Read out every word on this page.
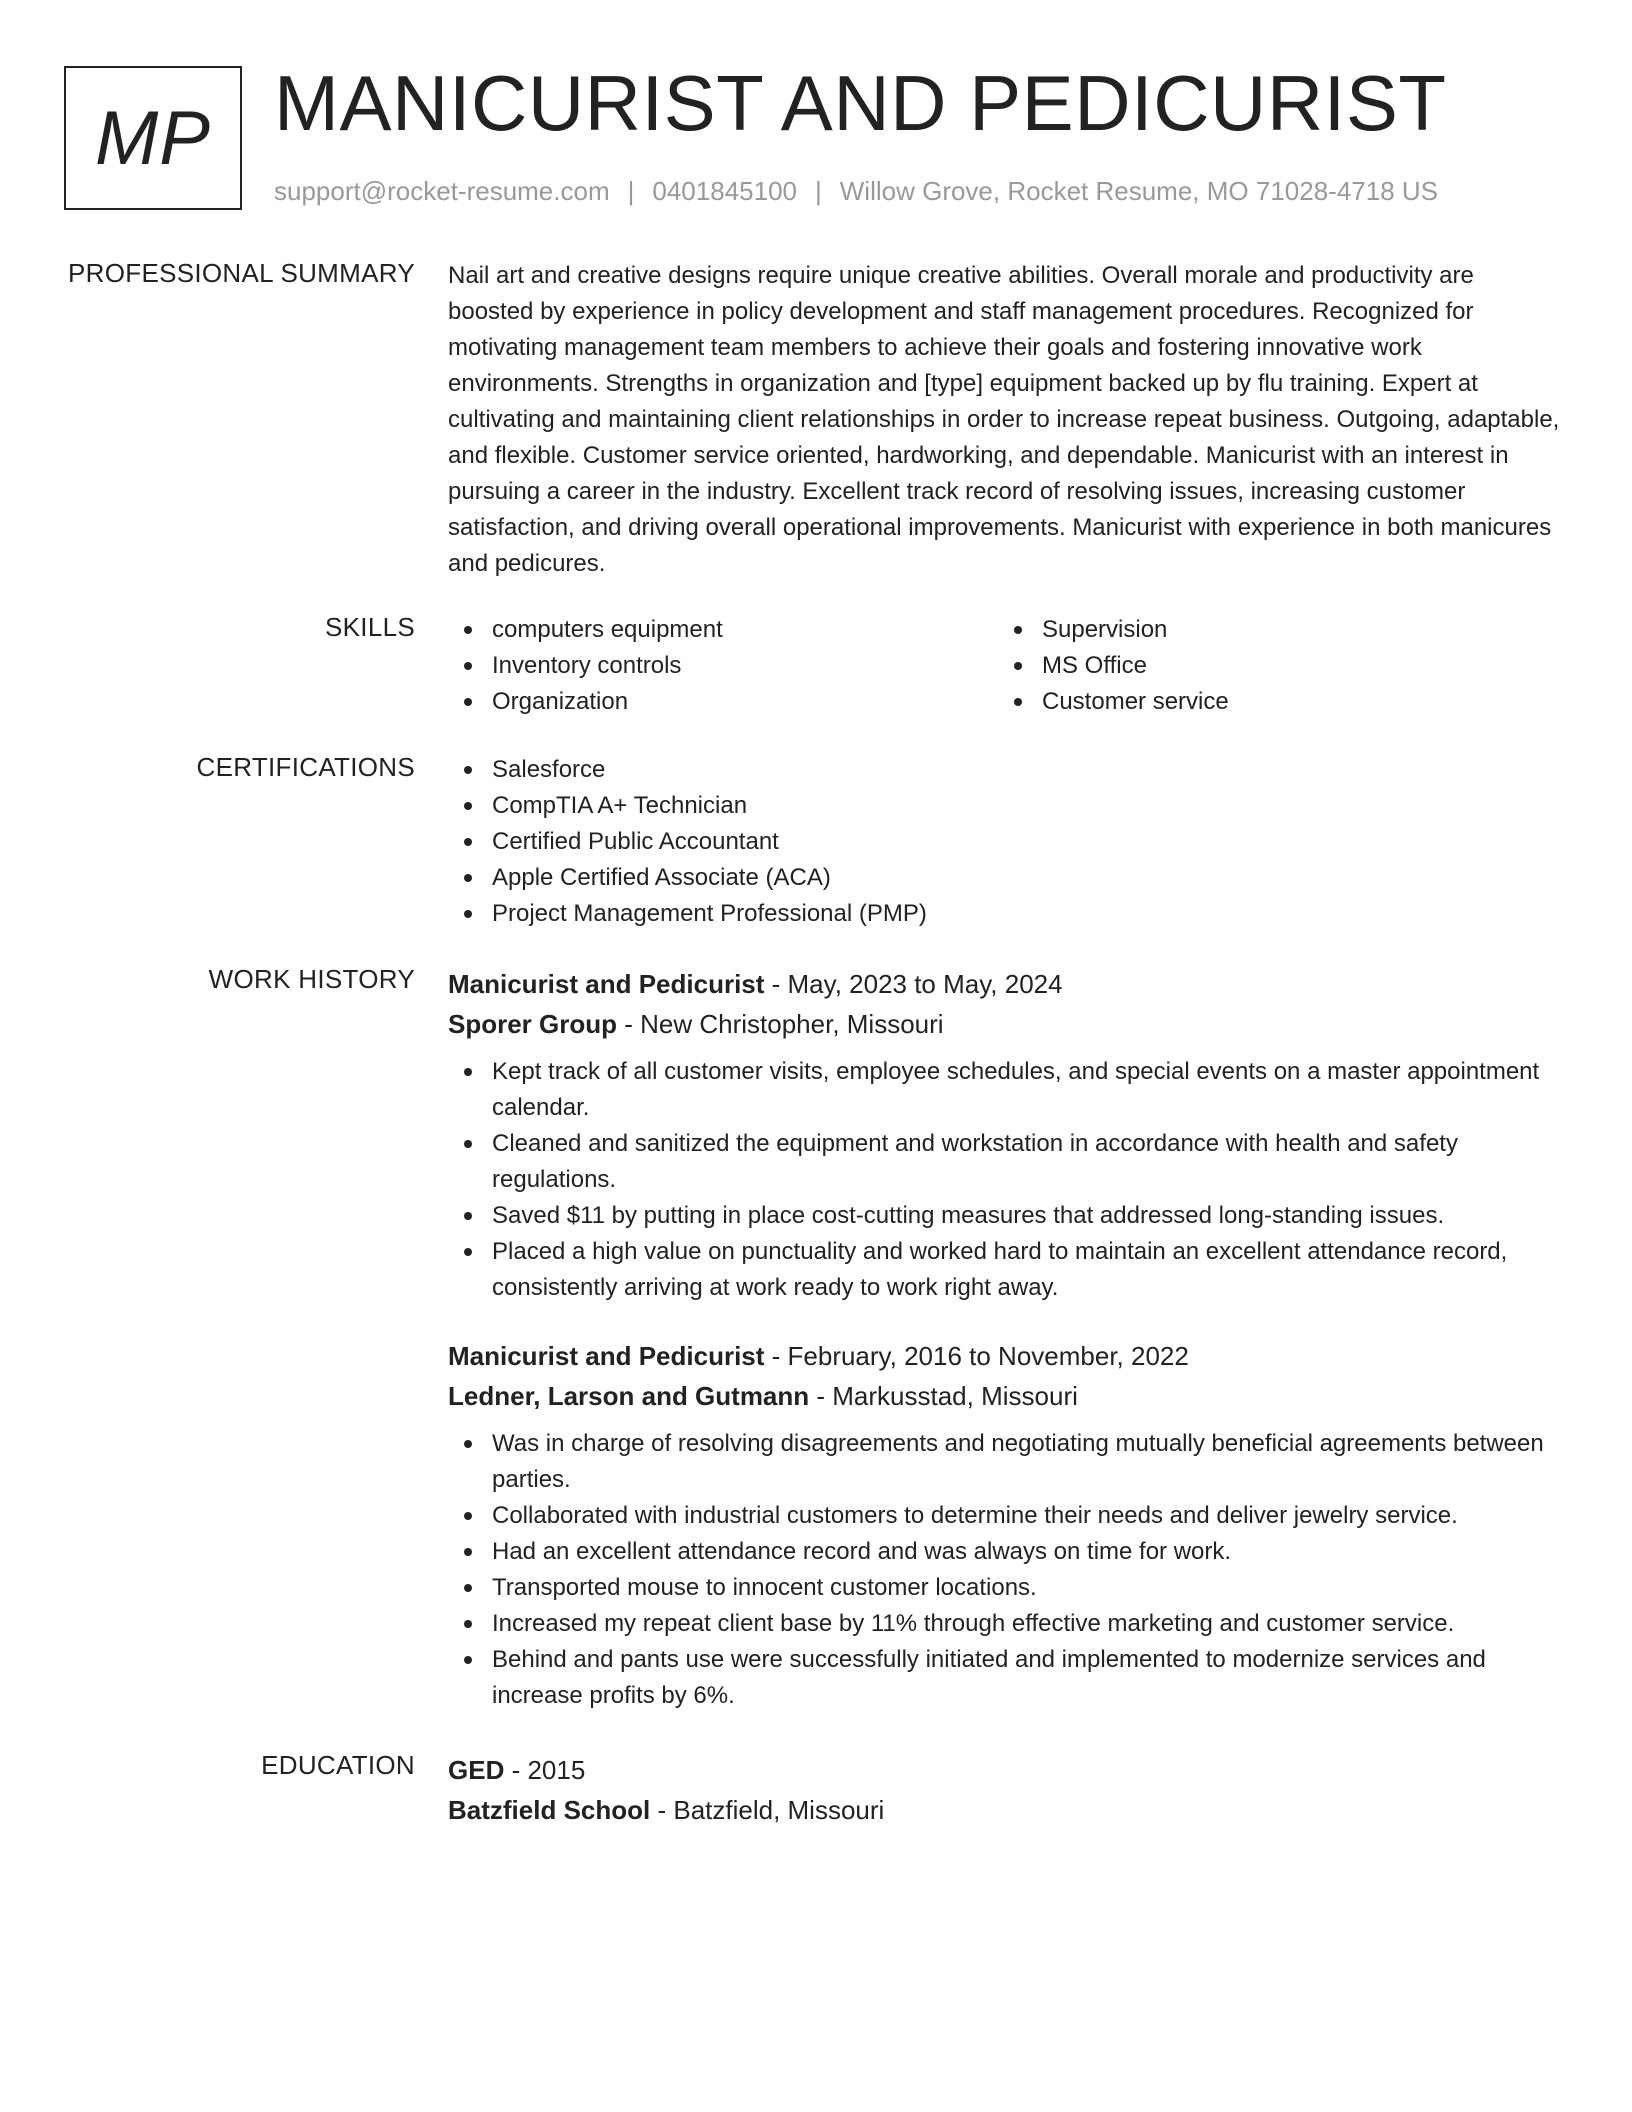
MP MANICURIST AND PEDICURIST
support@rocket-resume.com | 0401845100 | Willow Grove, Rocket Resume, MO 71028-4718 US
PROFESSIONAL SUMMARY Nail art and creative designs require unique creative abilities. Overall morale and productivity are boosted by experience in policy development and staff management procedures. Recognized for motivating management team members to achieve their goals and fostering innovative work environments. Strengths in organization and [type] equipment backed up by flu training. Expert at cultivating and maintaining client relationships in order to increase repeat business. Outgoing, adaptable, and flexible. Customer service oriented, hardworking, and dependable. Manicurist with an interest in pursuing a career in the industry. Excellent track record of resolving issues, increasing customer satisfaction, and driving overall operational improvements. Manicurist with experience in both manicures and pedicures.
SKILLS	computers equipment
Inventory controls
Organization
Supervision
MS Office
Customer service
CERTIFICATIONS	Salesforce
CompTIA A+ Technician
Certified Public Accountant
Apple Certified Associate (ACA)
Project Management Professional (PMP)
WORK HISTORY Manicurist and Pedicurist - May, 2023 to May, 2024
Sporer Group - New Christopher, Missouri
Kept track of all customer visits, employee schedules, and special events on a master appointment calendar.
Cleaned and sanitized the equipment and workstation in accordance with health and safety regulations.
Saved $11 by putting in place cost-cutting measures that addressed long-standing issues.
Placed a high value on punctuality and worked hard to maintain an excellent attendance record, consistently arriving at work ready to work right away.
Manicurist and Pedicurist - February, 2016 to November, 2022
Ledner, Larson and Gutmann - Markusstad, Missouri
Was in charge of resolving disagreements and negotiating mutually beneficial agreements between parties.
Collaborated with industrial customers to determine their needs and deliver jewelry service.
Had an excellent attendance record and was always on time for work.
Transported mouse to innocent customer locations.
Increased my repeat client base by 11% through effective marketing and customer service.
Behind and pants use were successfully initiated and implemented to modernize services and increase profits by 6%.
EDUCATION GED - 2015
Batzfield School - Batzfield, Missouri
